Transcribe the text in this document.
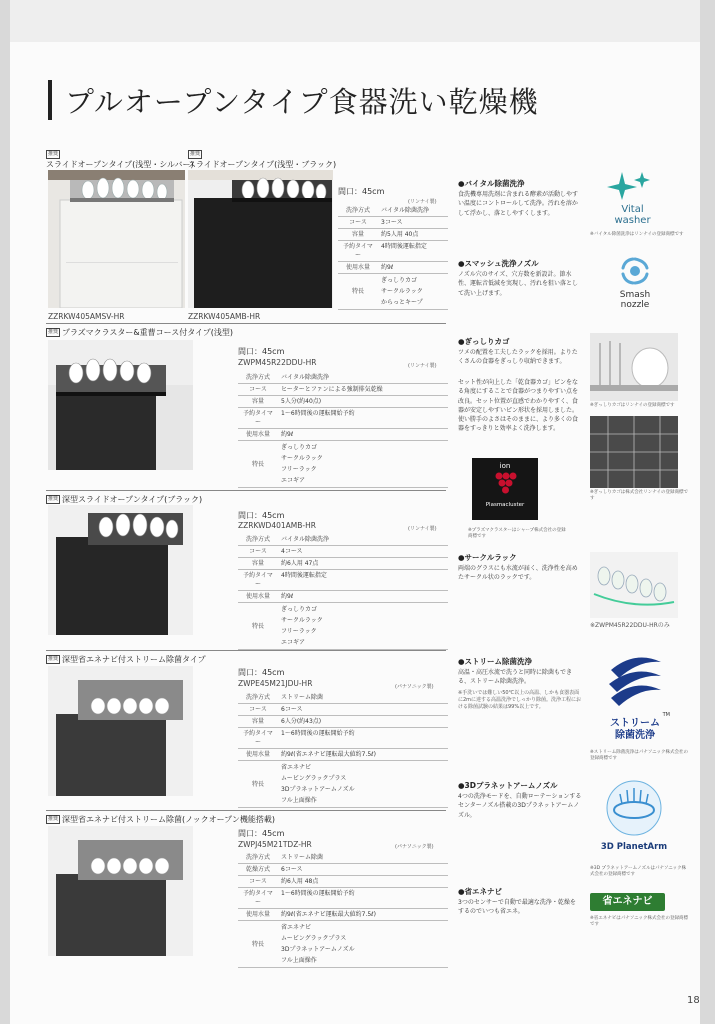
プルオープンタイプ食器洗い乾燥機
推奨
スライドオープンタイプ(浅型・シルバー)
ZZRKW405AMSV-HR
推奨
スライドオープンタイプ(浅型・ブラック)
ZZRKW405AMB-HR
間口：45cm
(リンナイ製)
洗浄方式	バイタル除菌洗浄
コース	3コース
容量	約5人用 40点
予約タイマー	4時間後運転指定
使用水量	約9ℓ
特長	ぎっしりカゴ
サークルラック
からっとキープ
推奨 プラズマクラスター&重曹コース付タイプ(浅型)
間口：45cm
ZWPM45R22DDU-HR	(リンナイ製)
洗浄方式	バイタル除菌洗浄
コース	ヒーターとファンによる強制排気乾燥
容量	5人分(約40点)
予約タイマー	1〜6時間後の運転開始予約
使用水量	約9ℓ
特長	ぎっしりカゴ
サークルラック
フリーラック
エコギア
推奨 深型スライドオープンタイプ(ブラック)
間口：45cm
ZZRKWD401AMB-HR	(リンナイ製)
洗浄方式	バイタル除菌洗浄
コース	4コース
容量	約6人用 47点
予約タイマー	4時間後運転指定
使用水量	約9ℓ
特長	ぎっしりカゴ
サークルラック
フリーラック
エコギア
推奨 深型省エネナビ付ストリーム除菌タイプ
間口：45cm
ZWPE45M21JDU-HR	(パナソニック製)
洗浄方式	ストリーム除菌
コース	6コース
容量	6人分(約43点)
予約タイマー	1〜6時間後の運転開始予約
使用水量	約9ℓ(省エネナビ運転最大値約7.5ℓ)
特長	省エネナビ
ムービングラックプラス
3Dプラネットアームノズル
フル上面操作
推奨 深型省エネナビ付ストリーム除菌(ノックオープン機能搭載)
間口：45cm
ZWPJ45M21TDZ-HR	(パナソニック製)
洗浄方式	ストリーム除菌
乾燥方式	6コース
コース	約6人用 48点
予約タイマー	1〜6時間後の運転開始予約
使用水量	約9ℓ(省エネナビ運転最大値約7.5ℓ)
特長	省エネナビ
ムービングラックプラス
3Dプラネットアームノズル
フル上面操作
●バイタル除菌洗浄
食洗機専用洗剤に含まれる酵素が活動しやすい温度にコントロールして洗浄。汚れを溶かして浮かし、落としやすくします。	Vital
washer
※バイタル除菌洗浄はリンナイの登録商標です
●スマッシュ洗浄ノズル
ノズル穴のサイズ、穴方数を新設計。節水性、運転音低減を実現し、汚れを狙い落として洗い上げます。	Smash
nozzle
●ぎっしりカゴ
ツメの配置を工夫したラックを採用。よりたくさんの食器をぎっしり収納できます。
セット性が向上した「乾食器カゴ」ピンをなる角度にすることで食器がつまりやすい点を改良。セット位置が直感でわかりやすく、食器が安定しやすいピン形状を採用しました。使い勝手のよさはそのままに、より多くの食器をすっきりと効率よく洗浄します。
※ぎっしりカゴはリンナイの登録商標です
※ぎっしりカゴは株式会社リンナイの登録商標です
ion
Plasmacluster
※プラズマクラスターはシャープ株式会社の登録商標です
●サークルラック
両端のグラスにも水流が届く、洗浄性を高めたサークル状のラックです。
※ZWPM45R22DDU-HRのみ
●ストリーム除菌洗浄
高温・高圧水流で洗うと同時に除菌もできる、ストリーム除菌洗浄。
※手洗いでは難しい50℃以上の高温、しかも食器表面に2mに達する高温洗浄でしっかり除菌。洗浄工程における除菌試験の結果は99%以上です。
TM
ストリーム
除菌洗浄
※ストリーム除菌洗浄はパナソニック株式会社の登録商標です
●3Dプラネットアームノズル
4つの洗浄モードを、自動ローテーションするセンターノズル搭載の3Dプラネットアームノズル。
3D PlanetArm
※3D プラネットアームノズルはパナソニック株式会社の登録商標です
●省エネナビ
3つのセンサーで自動で最適な洗浄・乾燥をするのでいつも省エネ。
省エネナビ
※省エネナビはパナソニック株式会社の登録商標です
18
